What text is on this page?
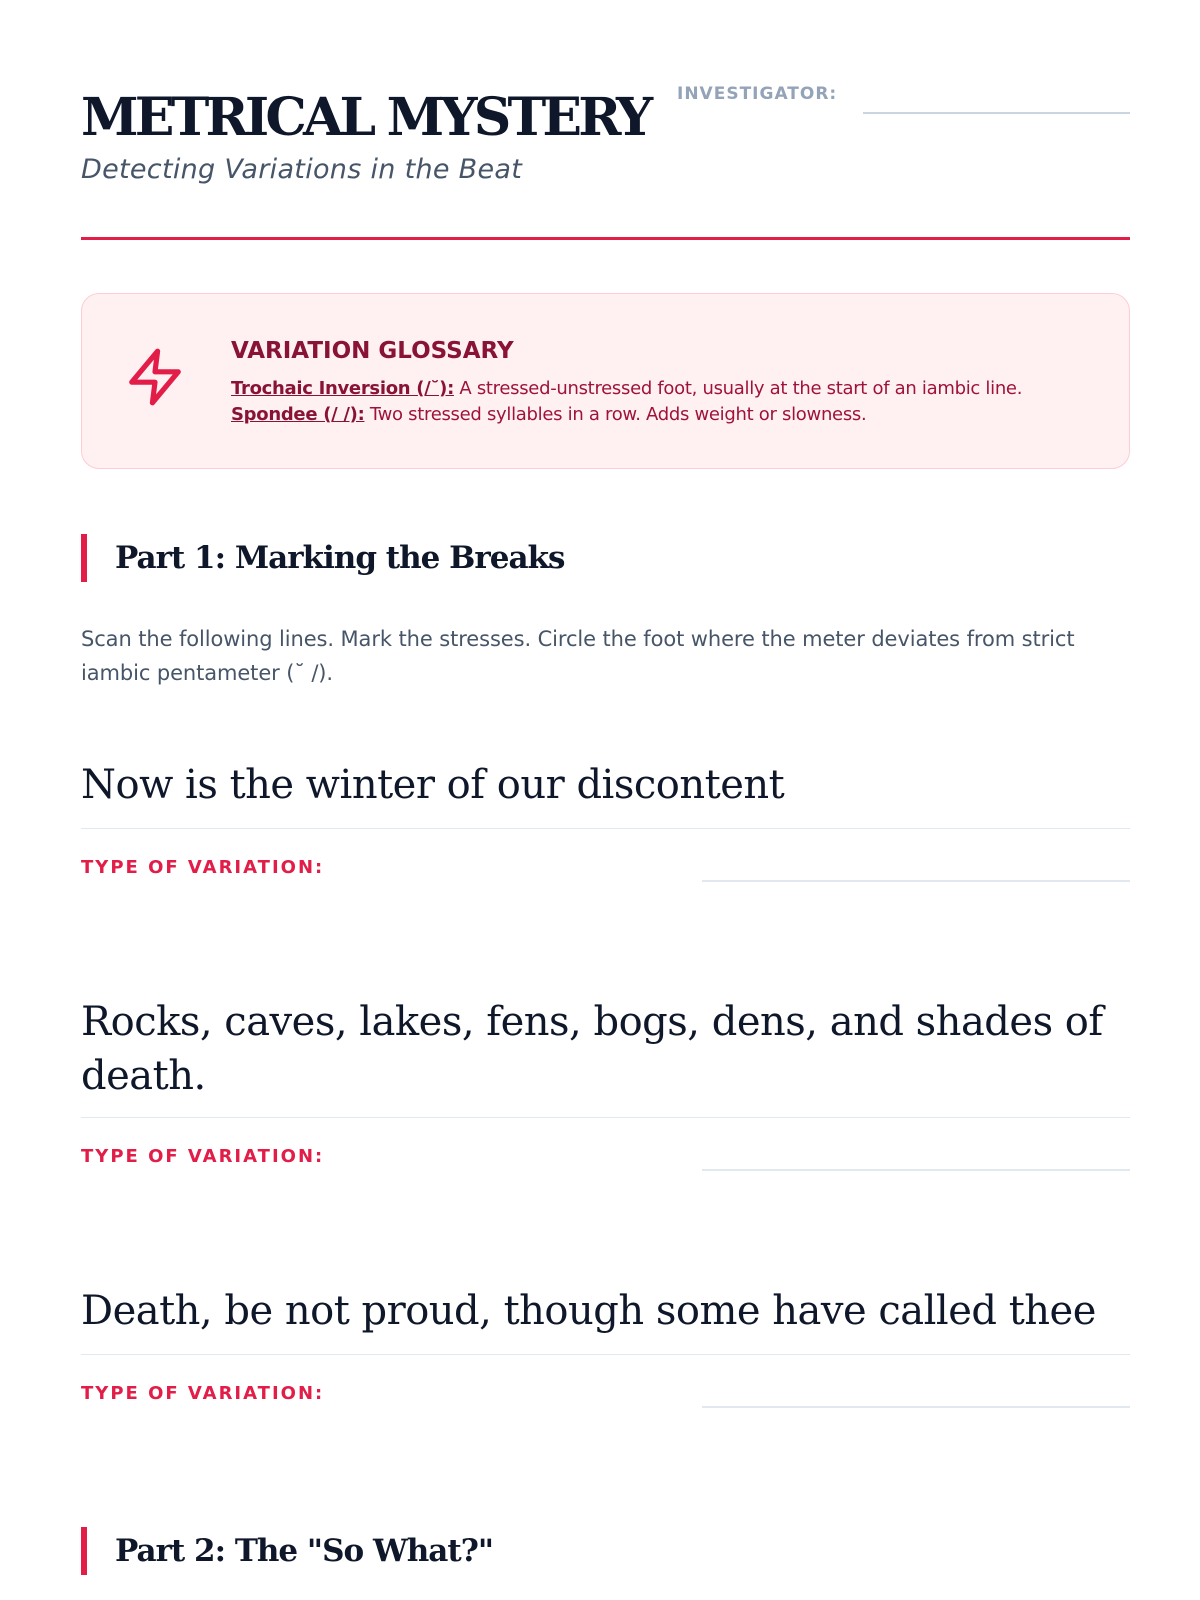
METRICAL MYSTERY
Detecting Variations in the Beat
INVESTIGATOR:
VARIATION GLOSSARY
Trochaic Inversion (/˘): A stressed-unstressed foot, usually at the start of an iambic line.
Spondee (/ /): Two stressed syllables in a row. Adds weight or slowness.
Part 1: Marking the Breaks
Scan the following lines. Mark the stresses. Circle the foot where the meter deviates from strict iambic pentameter (˘ /).
Now is the winter of our discontent
TYPE OF VARIATION:
Rocks, caves, lakes, fens, bogs, dens, and shades of death.
TYPE OF VARIATION:
Death, be not proud, though some have called thee
TYPE OF VARIATION:
Part 2: The "So What?"
